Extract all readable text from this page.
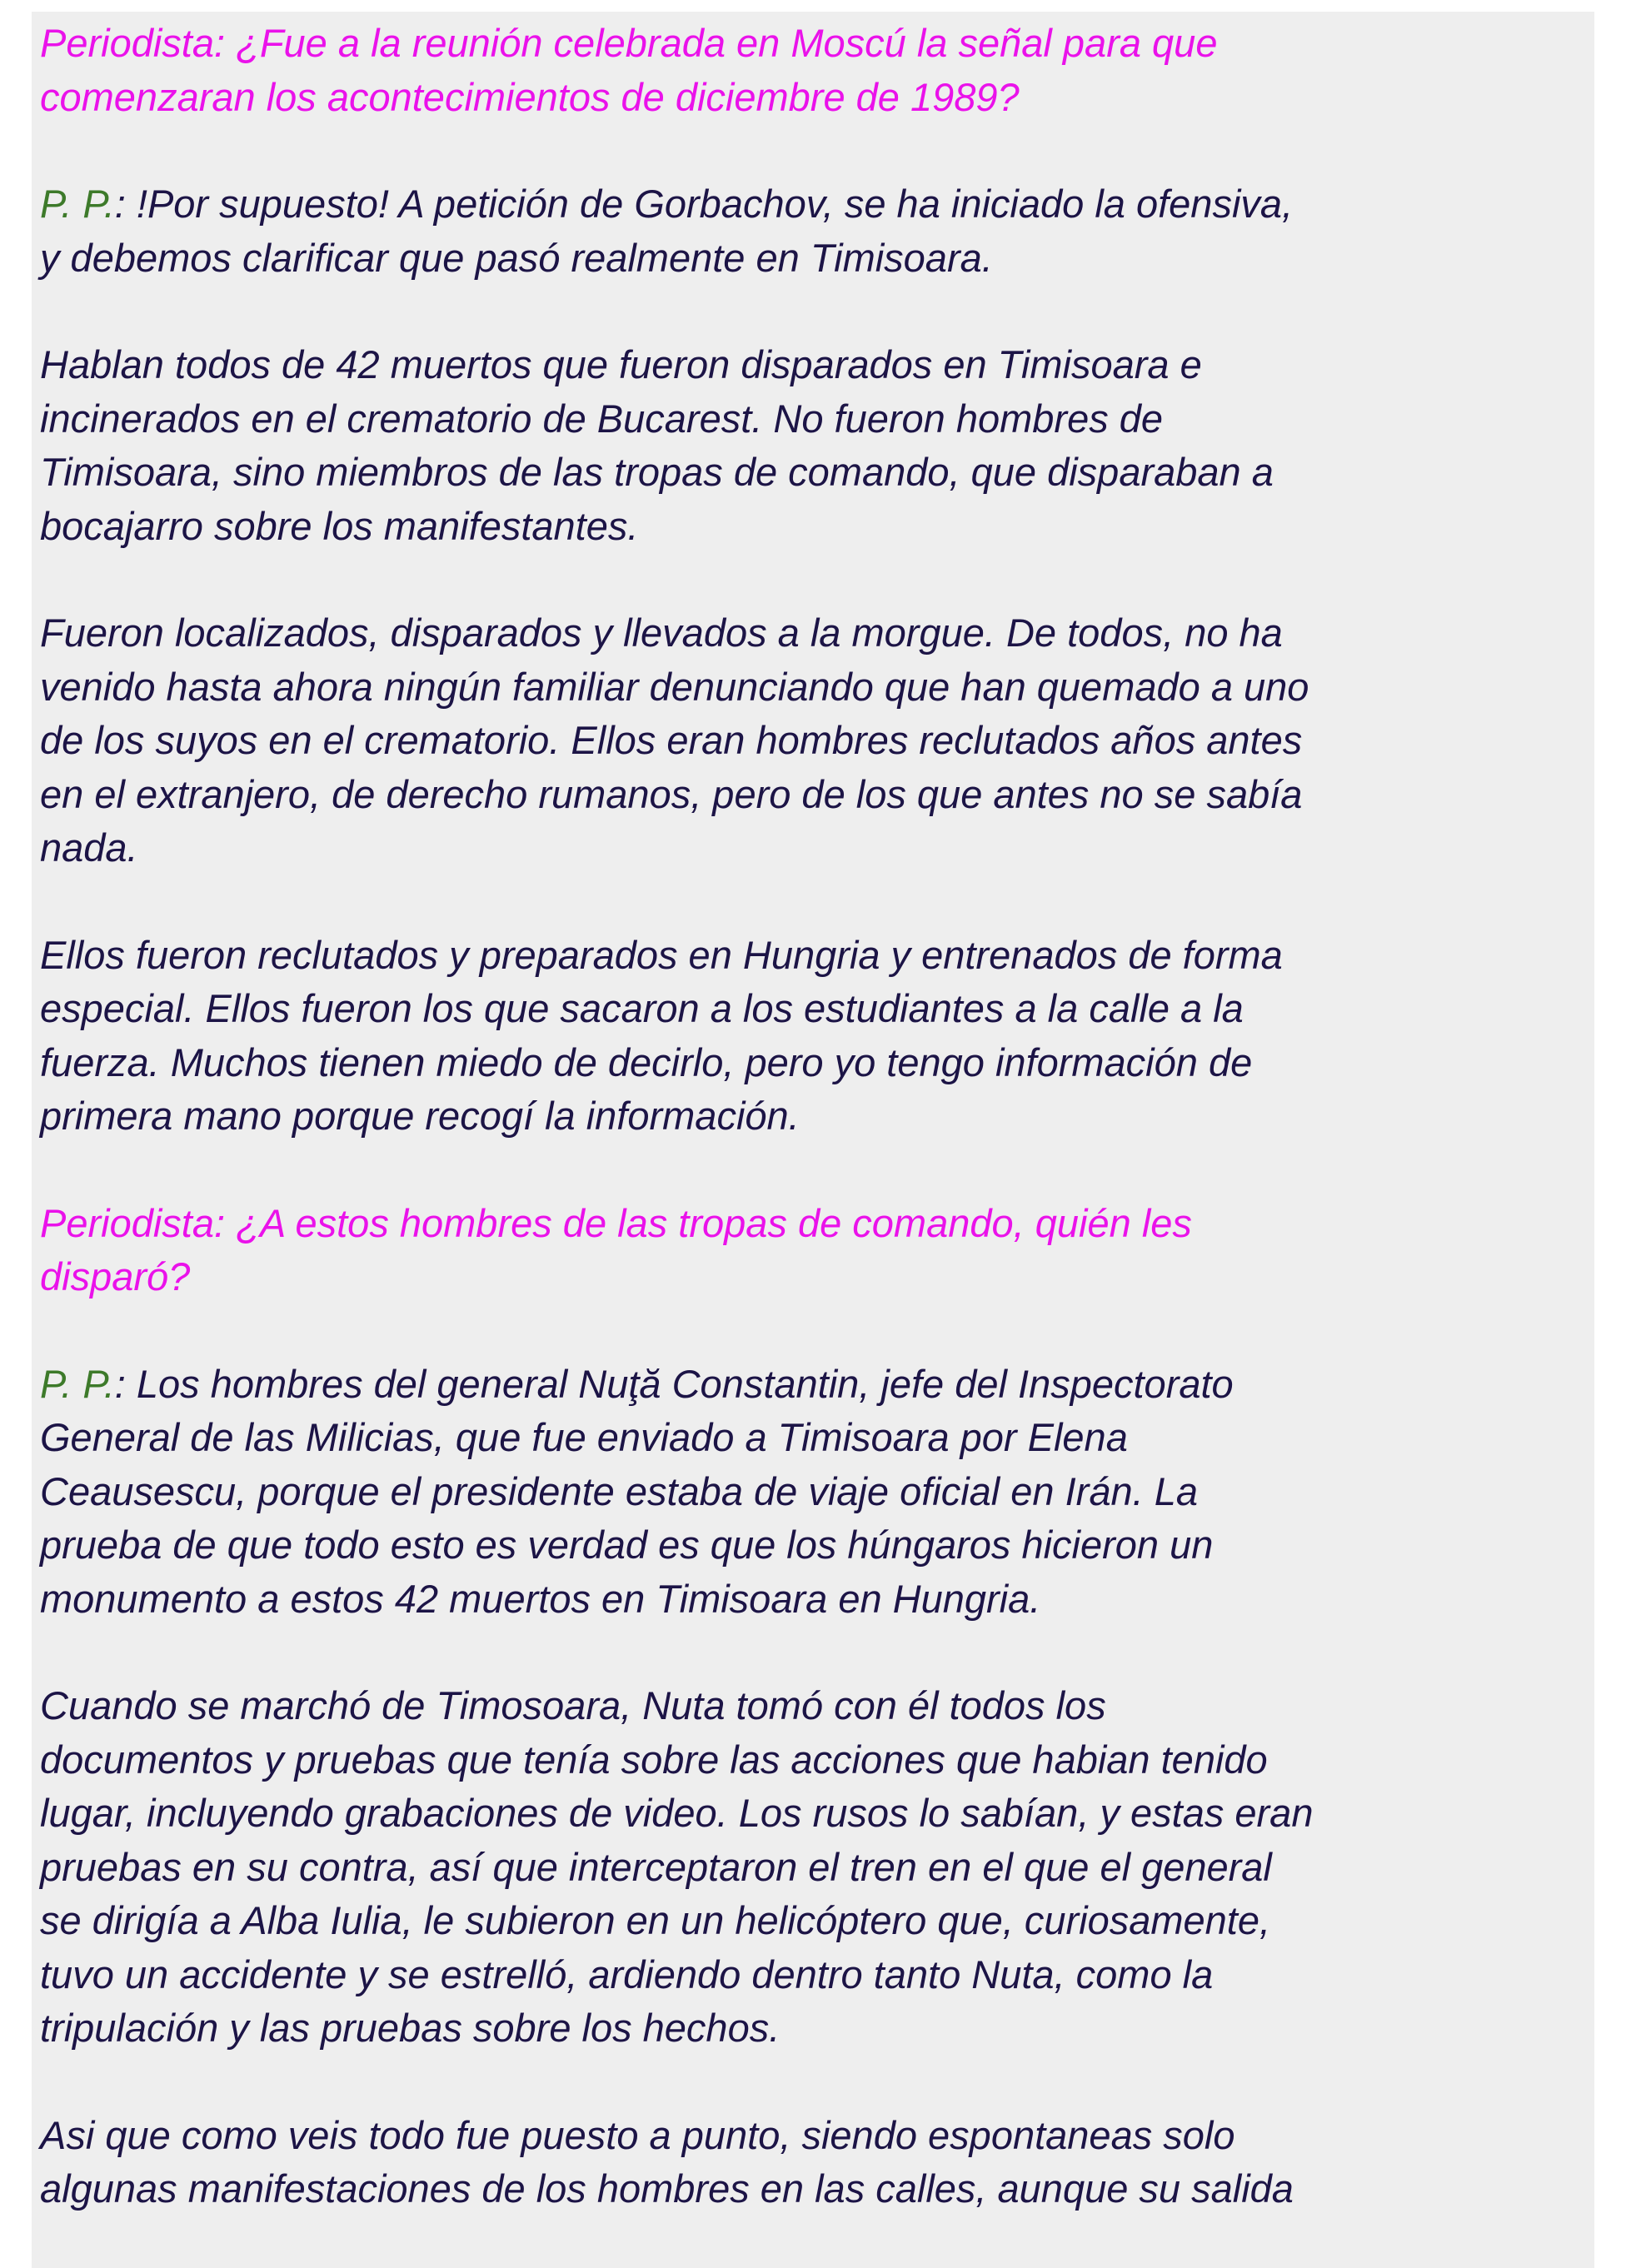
Periodista: ¿Fue a la reunión celebrada en Moscú la señal para que
comenzaran los acontecimientos de diciembre de 1989?

P. P.: !Por supuesto! A petición de Gorbachov, se ha iniciado la ofensiva,
y debemos clarificar que pasó realmente en Timisoara.

Hablan todos de 42 muertos que fueron disparados en Timisoara e
incinerados en el crematorio de Bucarest. No fueron hombres de
Timisoara, sino miembros de las tropas de comando, que disparaban a
bocajarro sobre los manifestantes.

Fueron localizados, disparados y llevados a la morgue. De todos, no ha
venido hasta ahora ningún familiar denunciando que han quemado a uno
de los suyos en el crematorio. Ellos eran hombres reclutados años antes
en el extranjero, de derecho rumanos, pero de los que antes no se sabía
nada.

Ellos fueron reclutados y preparados en Hungria y entrenados de forma
especial. Ellos fueron los que sacaron a los estudiantes a la calle a la
fuerza. Muchos tienen miedo de decirlo, pero yo tengo información de
primera mano porque recogí la información.

Periodista: ¿A estos hombres de las tropas de comando, quién les
disparó?

P. P.: Los hombres del general Nuţă Constantin, jefe del Inspectorato
General de las Milicias, que fue enviado a Timisoara por Elena
Ceausescu, porque el presidente estaba de viaje oficial en Irán. La
prueba de que todo esto es verdad es que los húngaros hicieron un
monumento a estos 42 muertos en Timisoara en Hungria.

Cuando se marchó de Timosoara, Nuta tomó con él todos los
documentos y pruebas que tenía sobre las acciones que habian tenido
lugar, incluyendo grabaciones de video. Los rusos lo sabían, y estas eran
pruebas en su contra, así que interceptaron el tren en el que el general
se dirigía a Alba Iulia, le subieron en un helicóptero que, curiosamente,
tuvo un accidente y se estrelló, ardiendo dentro tanto Nuta, como la
tripulación y las pruebas sobre los hechos.

Asi que como veis todo fue puesto a punto, siendo espontaneas solo
algunas manifestaciones de los hombres en las calles, aunque su salida
